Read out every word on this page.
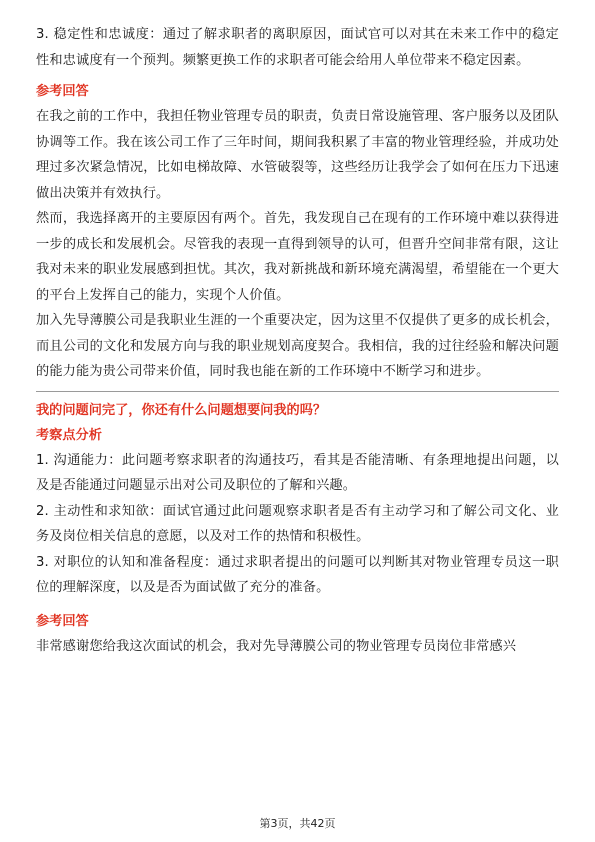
3. 稳定性和忠诚度：通过了解求职者的离职原因，面试官可以对其在未来工作中的稳定性和忠诚度有一个预判。频繁更换工作的求职者可能会给用人单位带来不稳定因素。

参考回答

在我之前的工作中，我担任物业管理专员的职责，负责日常设施管理、客户服务以及团队协调等工作。我在该公司工作了三年时间，期间我积累了丰富的物业管理经验，并成功处理过多次紧急情况，比如电梯故障、水管破裂等，这些经历让我学会了如何在压力下迅速做出决策并有效执行。

然而，我选择离开的主要原因有两个。首先，我发现自己在现有的工作环境中难以获得进一步的成长和发展机会。尽管我的表现一直得到领导的认可，但晋升空间非常有限，这让我对未来的职业发展感到担忧。其次，我对新挑战和新环境充满渴望，希望能在一个更大的平台上发挥自己的能力，实现个人价值。

加入先导薄膜公司是我职业生涯的一个重要决定，因为这里不仅提供了更多的成长机会，而且公司的文化和发展方向与我的职业规划高度契合。我相信，我的过往经验和解决问题的能力能为贵公司带来价值，同时我也能在新的工作环境中不断学习和进步。

我的问题问完了，你还有什么问题想要问我的吗？
考察点分析

1. 沟通能力：此问题考察求职者的沟通技巧，看其是否能清晰、有条理地提出问题，以及是否能通过问题显示出对公司及职位的了解和兴趣。

2. 主动性和求知欲：面试官通过此问题观察求职者是否有主动学习和了解公司文化、业务及岗位相关信息的意愿，以及对工作的热情和积极性。

3. 对职位的认知和准备程度：通过求职者提出的问题可以判断其对物业管理专员这一职位的理解深度，以及是否为面试做了充分的准备。

参考回答

非常感谢您给我这次面试的机会，我对先导薄膜公司的物业管理专员岗位非常感兴

第3页，共42页
